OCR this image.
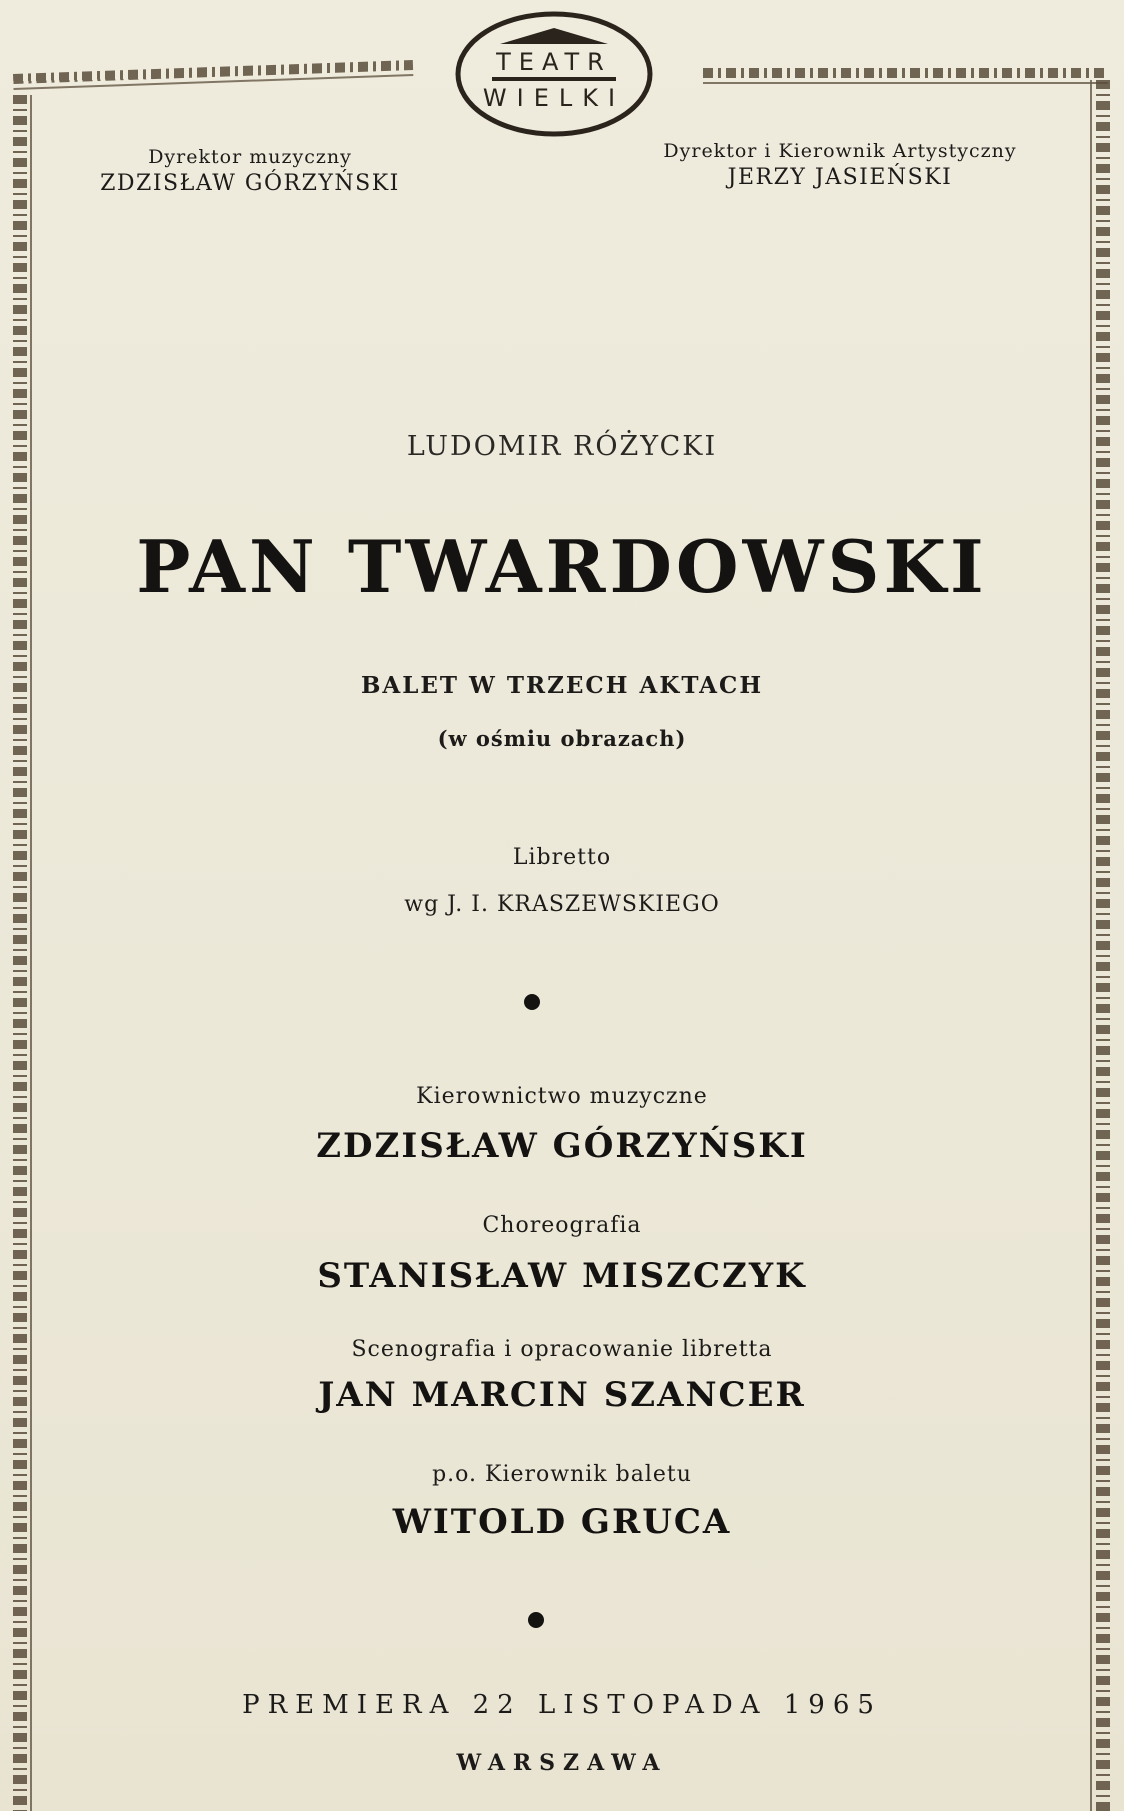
TEATR
WIELKI
Dyrektor muzyczny
ZDZISŁAW GÓRZYŃSKI
Dyrektor i Kierownik Artystyczny
JERZY JASIEŃSKI
LUDOMIR RÓŻYCKI
PAN TWARDOWSKI
BALET W TRZECH AKTACH
(w ośmiu obrazach)
Libretto
wg J. I. KRASZEWSKIEGO
Kierownictwo muzyczne
ZDZISŁAW GÓRZYŃSKI
Choreografia
STANISŁAW MISZCZYK
Scenografia i opracowanie libretta
JAN MARCIN SZANCER
p.o. Kierownik baletu
WITOLD GRUCA
PREMIERA 22 LISTOPADA 1965
WARSZAWA
